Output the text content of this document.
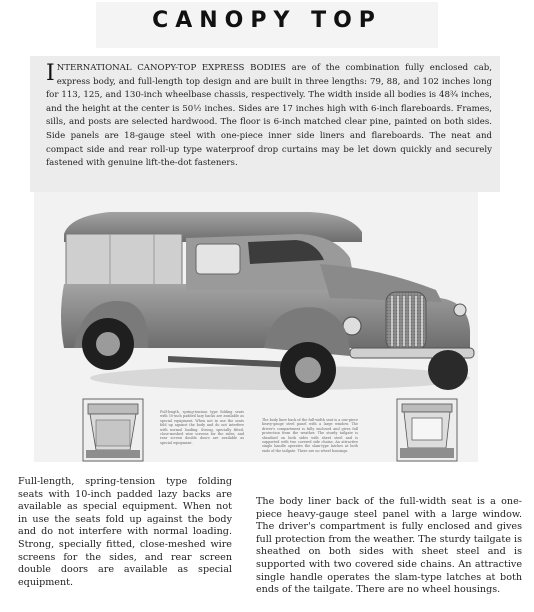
CANOPY TOP
INTERNATIONAL CANOPY-TOP EXPRESS BODIES are of the combination fully enclosed cab, express body, and full-length top design and are built in three lengths: 79, 88, and 102 inches long for 113, 125, and 130-inch wheelbase chassis, respectively. The width inside all bodies is 48¾ inches, and the height at the center is 50½ inches. Sides are 17 inches high with 6-inch flareboards. Frames, sills, and posts are selected hardwood. The floor is 6-inch matched clear pine, painted on both sides. Side panels are 18-gauge steel with one-piece inner side liners and flareboards. The neat and compact side and rear roll-up type waterproof drop curtains may be let down quickly and securely fastened with genuine lift-the-dot fasteners.
Full-length, spring-tension type folding seats with 10-inch padded lazy backs are available as special equipment. When not in use the seats fold up against the body and do not interfere with normal loading. Strong, specially fitted, close-meshed wire screens for the sides, and rear screen double doors are available as special equipment.
The body liner back of the full-width seat is a one-piece heavy-gauge steel panel with a large window. The driver's compartment is fully enclosed and gives full protection from the weather. The sturdy tailgate is sheathed on both sides with sheet steel and is supported with two covered side chains. An attractive single handle operates the slam-type latches at both ends of the tailgate. There are no wheel housings.
Full-length, spring-tension type folding seats with 10-inch padded lazy backs are available as special equipment. When not in use the seats fold up against the body and do not interfere with normal loading. Strong, specially fitted, close-meshed wire screens for the sides, and rear screen double doors are available as special equipment.
The body liner back of the full-width seat is a one-piece heavy-gauge steel panel with a large window. The driver's compartment is fully enclosed and gives full protection from the weather. The sturdy tailgate is sheathed on both sides with sheet steel and is supported with two covered side chains. An attractive single handle operates the slam-type latches at both ends of the tailgate. There are no wheel housings.
